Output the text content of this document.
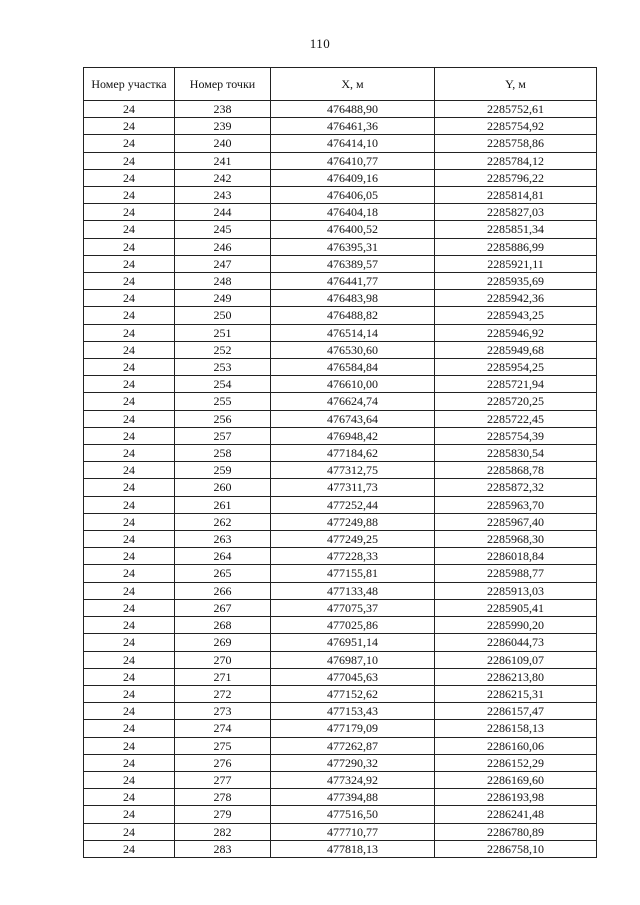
110
Номер участка	Номер точки	X, м	Y, м
24	238	476488,90	2285752,61
24	239	476461,36	2285754,92
24	240	476414,10	2285758,86
24	241	476410,77	2285784,12
24	242	476409,16	2285796,22
24	243	476406,05	2285814,81
24	244	476404,18	2285827,03
24	245	476400,52	2285851,34
24	246	476395,31	2285886,99
24	247	476389,57	2285921,11
24	248	476441,77	2285935,69
24	249	476483,98	2285942,36
24	250	476488,82	2285943,25
24	251	476514,14	2285946,92
24	252	476530,60	2285949,68
24	253	476584,84	2285954,25
24	254	476610,00	2285721,94
24	255	476624,74	2285720,25
24	256	476743,64	2285722,45
24	257	476948,42	2285754,39
24	258	477184,62	2285830,54
24	259	477312,75	2285868,78
24	260	477311,73	2285872,32
24	261	477252,44	2285963,70
24	262	477249,88	2285967,40
24	263	477249,25	2285968,30
24	264	477228,33	2286018,84
24	265	477155,81	2285988,77
24	266	477133,48	2285913,03
24	267	477075,37	2285905,41
24	268	477025,86	2285990,20
24	269	476951,14	2286044,73
24	270	476987,10	2286109,07
24	271	477045,63	2286213,80
24	272	477152,62	2286215,31
24	273	477153,43	2286157,47
24	274	477179,09	2286158,13
24	275	477262,87	2286160,06
24	276	477290,32	2286152,29
24	277	477324,92	2286169,60
24	278	477394,88	2286193,98
24	279	477516,50	2286241,48
24	282	477710,77	2286780,89
24	283	477818,13	2286758,10
